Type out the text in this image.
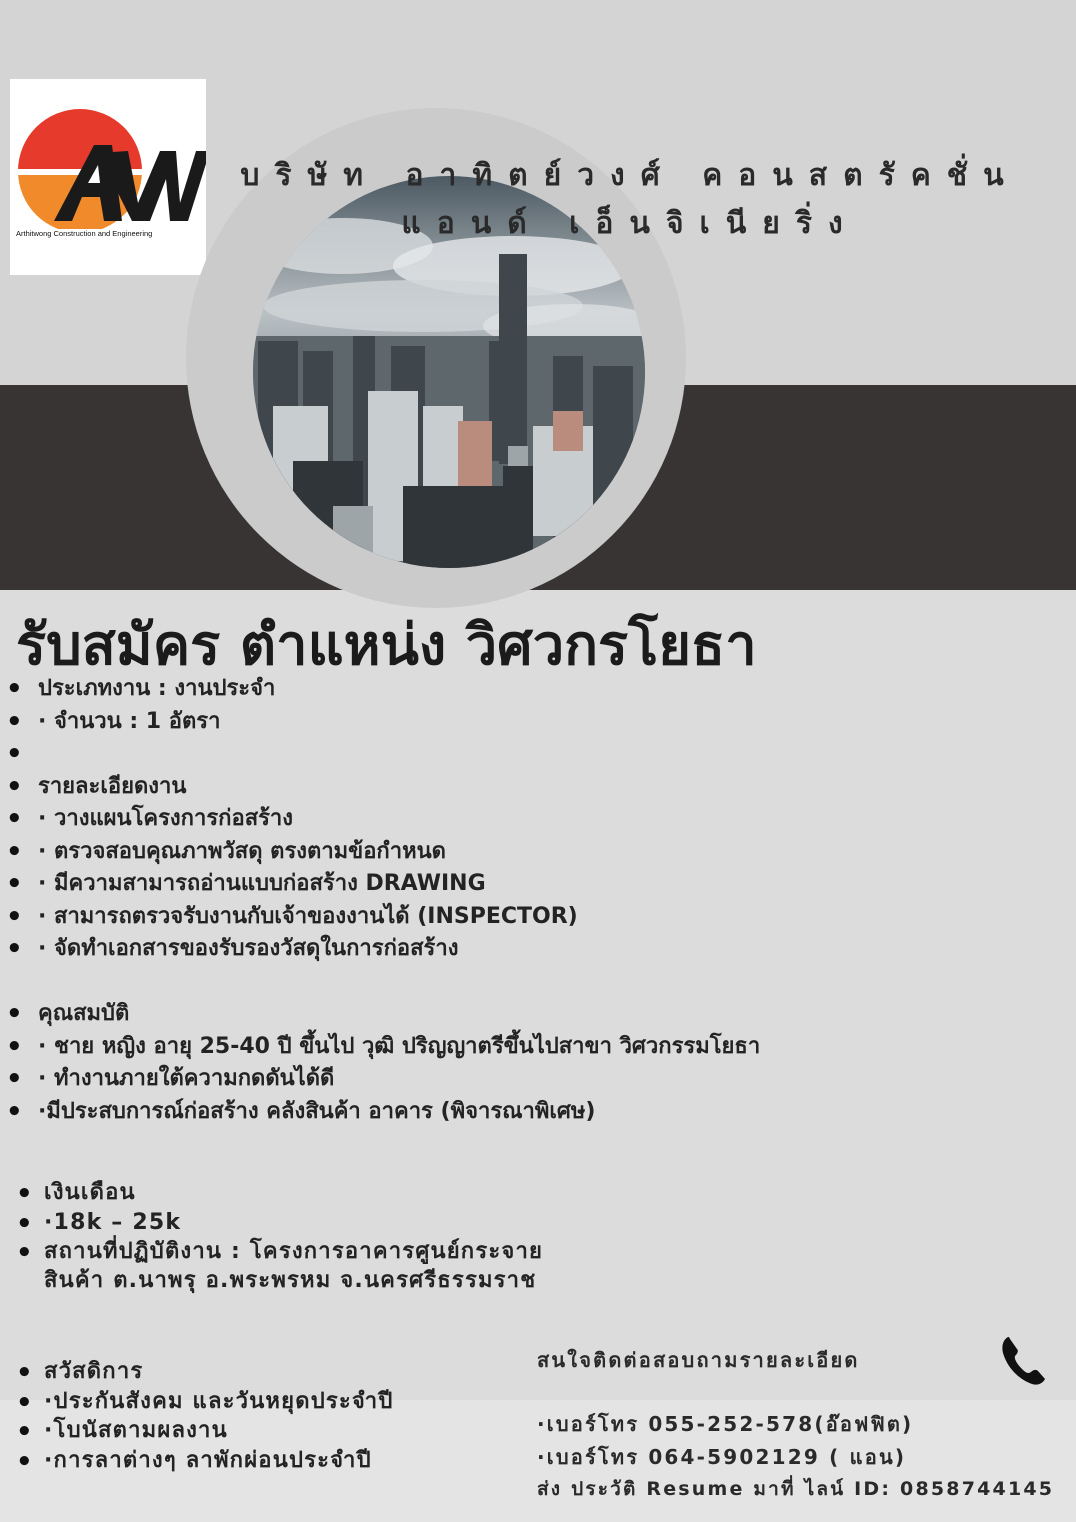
Arthitwong Construction and Engineering
บริษัท อาทิตย์วงศ์ คอนสตรัคชั่น
แอนด์ เอ็นจิเนียริ่ง
รับสมัคร ตำแหน่ง วิศวกรโยธา
• ประเภทงาน : งานประจำ
• · จำนวน : 1 อัตรา
•
• รายละเอียดงาน
• · วางแผนโครงการก่อสร้าง
• · ตรวจสอบคุณภาพวัสดุ ตรงตามข้อกำหนด
• · มีความสามารถอ่านแบบก่อสร้าง DRAWING
• · สามารถตรวจรับงานกับเจ้าของงานได้ (INSPECTOR)
• · จัดทำเอกสารของรับรองวัสดุในการก่อสร้าง
• คุณสมบัติ
• · ชาย หญิง อายุ 25-40 ปี ขึ้นไป วุฒิ ปริญญาตรีขึ้นไปสาขา วิศวกรรมโยธา
• · ทำงานภายใต้ความกดดันได้ดี
• ·มีประสบการณ์ก่อสร้าง คลังสินค้า อาคาร (พิจารณาพิเศษ)
• เงินเดือน
• ·18k – 25k
• สถานที่ปฏิบัติงาน : โครงการอาคารศูนย์กระจายสินค้า ต.นาพรุ อ.พระพรหม จ.นครศรีธรรมราช
• สวัสดิการ
• ·ประกันสังคม และวันหยุดประจำปี
• ·โบนัสตามผลงาน
• ·การลาต่างๆ ลาพักผ่อนประจำปี
สนใจติดต่อสอบถามรายละเอียด
·เบอร์โทร 055-252-578(อ๊อฟฟิต)
·เบอร์โทร 064-5902129 ( แอน)
ส่ง ประวัติ Resume มาที่ ไลน์ ID: 0858744145
